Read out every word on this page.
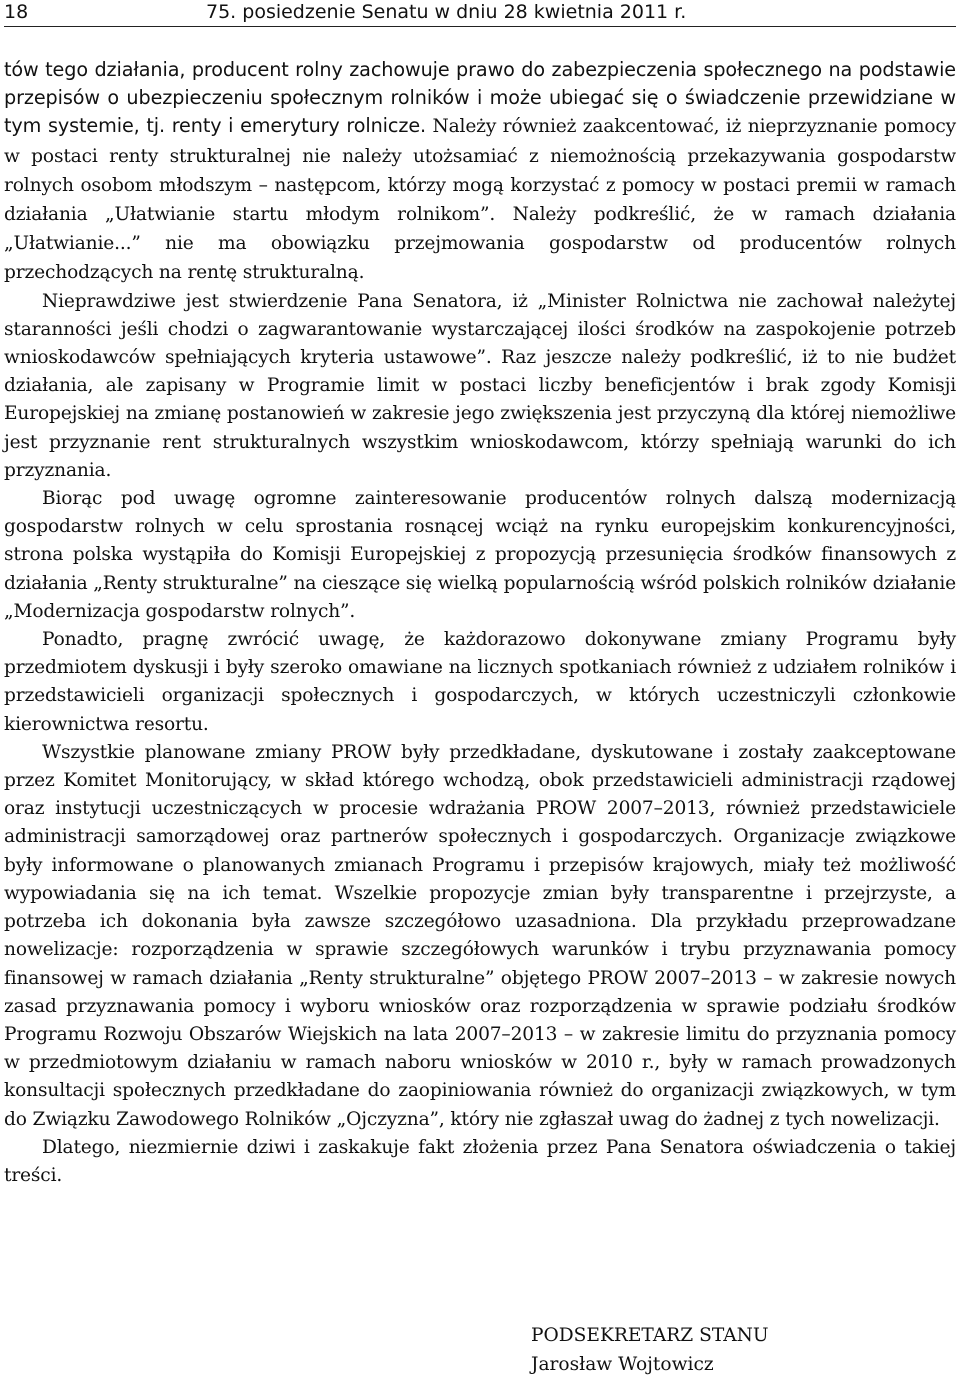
18	75. posiedzenie Senatu w dniu 28 kwietnia 2011 r.

tów tego działania, producent rolny zachowuje prawo do zabezpieczenia społecznego na podstawie przepisów o ubezpieczeniu społecznym rolników i może ubiegać się o świadczenie przewidziane w tym systemie, tj. renty i emerytury rolnicze. Należy również zaakcentować, iż nieprzyznanie pomocy w postaci renty strukturalnej nie należy utożsamiać z niemożnością przekazywania gospodarstw rolnych osobom młodszym – następcom, którzy mogą korzystać z pomocy w postaci premii w ramach działania „Ułatwianie startu młodym rolnikom”. Należy podkreślić, że w ramach działania „Ułatwianie...” nie ma obowiązku przejmowania gospodarstw od producentów rolnych przechodzących na rentę strukturalną.

Nieprawdziwe jest stwierdzenie Pana Senatora, iż „Minister Rolnictwa nie zachował należytej staranności jeśli chodzi o zagwarantowanie wystarczającej ilości środków na zaspokojenie potrzeb wnioskodawców spełniających kryteria ustawowe”. Raz jeszcze należy podkreślić, iż to nie budżet działania, ale zapisany w Programie limit w postaci liczby beneficjentów i brak zgody Komisji Europejskiej na zmianę postanowień w zakresie jego zwiększenia jest przyczyną dla której niemożliwe jest przyznanie rent strukturalnych wszystkim wnioskodawcom, którzy spełniają warunki do ich przyznania.

Biorąc pod uwagę ogromne zainteresowanie producentów rolnych dalszą modernizacją gospodarstw rolnych w celu sprostania rosnącej wciąż na rynku europejskim konkurencyjności, strona polska wystąpiła do Komisji Europejskiej z propozycją przesunięcia środków finansowych z działania „Renty strukturalne” na cieszące się wielką popularnością wśród polskich rolników działanie „Modernizacja gospodarstw rolnych”.

Ponadto, pragnę zwrócić uwagę, że każdorazowo dokonywane zmiany Programu były przedmiotem dyskusji i były szeroko omawiane na licznych spotkaniach również z udziałem rolników i przedstawicieli organizacji społecznych i gospodarczych, w których uczestniczyli członkowie kierownictwa resortu.

Wszystkie planowane zmiany PROW były przedkładane, dyskutowane i zostały zaakceptowane przez Komitet Monitorujący, w skład którego wchodzą, obok przedstawicieli administracji rządowej oraz instytucji uczestniczących w procesie wdrażania PROW 2007–2013, również przedstawiciele administracji samorządowej oraz partnerów społecznych i gospodarczych. Organizacje związkowe były informowane o planowanych zmianach Programu i przepisów krajowych, miały też możliwość wypowiadania się na ich temat. Wszelkie propozycje zmian były transparentne i przejrzyste, a potrzeba ich dokonania była zawsze szczegółowo uzasadniona. Dla przykładu przeprowadzane nowelizacje: rozporządzenia w sprawie szczegółowych warunków i trybu przyznawania pomocy finansowej w ramach działania „Renty strukturalne” objętego PROW 2007–2013 – w zakresie nowych zasad przyznawania pomocy i wyboru wniosków oraz rozporządzenia w sprawie podziału środków Programu Rozwoju Obszarów Wiejskich na lata 2007–2013 – w zakresie limitu do przyznania pomocy w przedmiotowym działaniu w ramach naboru wniosków w 2010 r., były w ramach prowadzonych konsultacji społecznych przedkładane do zaopiniowania również do organizacji związkowych, w tym do Związku Zawodowego Rolników „Ojczyzna”, który nie zgłaszał uwag do żadnej z tych nowelizacji.

Dlatego, niezmiernie dziwi i zaskakuje fakt złożenia przez Pana Senatora oświadczenia o takiej treści.

PODSEKRETARZ STANU
Jarosław Wojtowicz
